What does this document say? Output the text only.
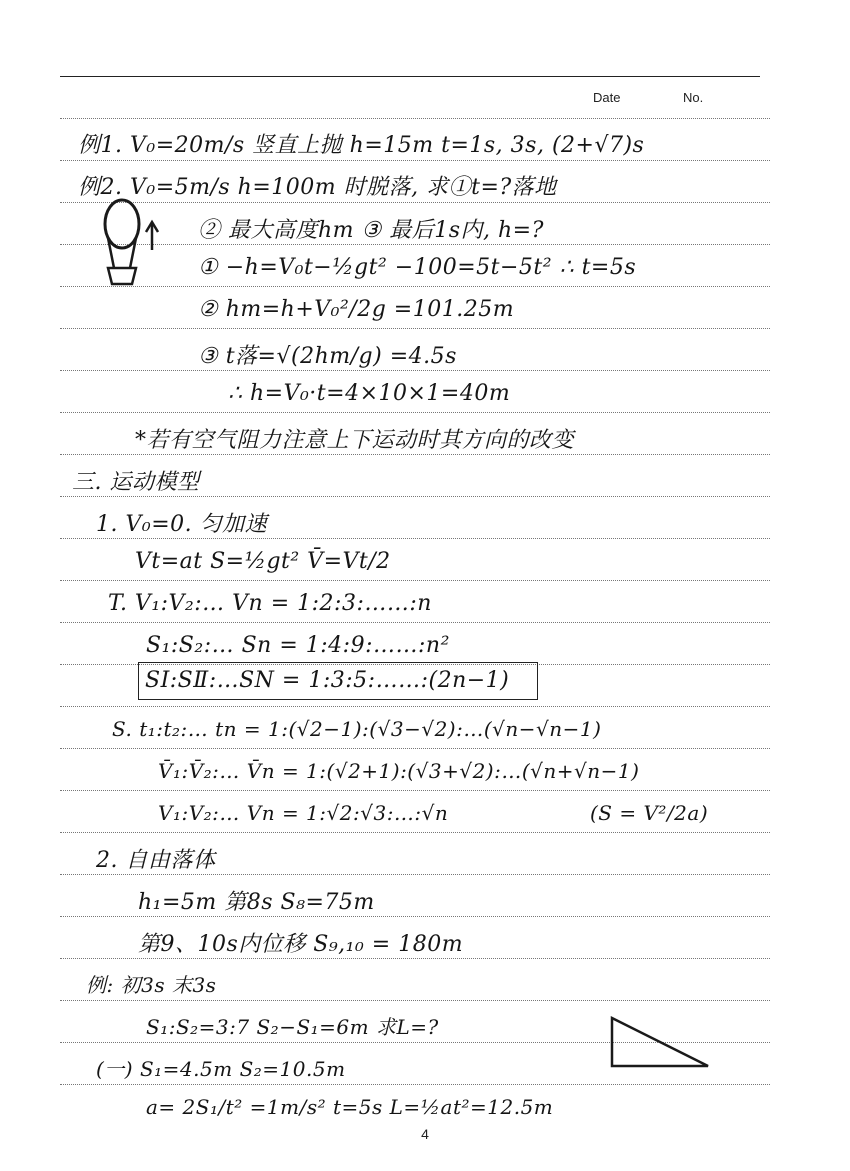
Date	No.
例1. V₀=20m/s 竖直上抛 h=15m t=1s, 3s, (2+√7)s
例2. V₀=5m/s h=100m 时脱落, 求①t=?落地
② 最大高度hm ③ 最后1s内, h=?
① −h=V₀t−½gt² −100=5t−5t² ∴ t=5s
② hm=h+V₀²/2g =101.25m
③ t落=√(2hm/g) =4.5s
∴ h=V₀·t=4×10×1=40m
*若有空气阻力注意上下运动时其方向的改变
三. 运动模型
1. V₀=0. 匀加速
Vt=at S=½gt² V̄=Vt/2
T. V₁:V₂:… Vn = 1:2:3:……:n
S₁:S₂:… Sn = 1:4:9:……:n²
SⅠ:SⅡ:…SN = 1:3:5:……:(2n−1)
S. t₁:t₂:… tn = 1:(√2−1):(√3−√2):…(√n−√n−1)
V̄₁:V̄₂:… V̄n = 1:(√2+1):(√3+√2):…(√n+√n−1)
V₁:V₂:… Vn = 1:√2:√3:…:√n	(S = V²/2a)
2. 自由落体
h₁=5m 第8s S₈=75m
第9、10s内位移 S₉,₁₀ = 180m
例: 初3s 末3s
S₁:S₂=3:7 S₂−S₁=6m 求L=?
(一) S₁=4.5m S₂=10.5m
a= 2S₁/t² =1m/s² t=5s L=½at²=12.5m
4
